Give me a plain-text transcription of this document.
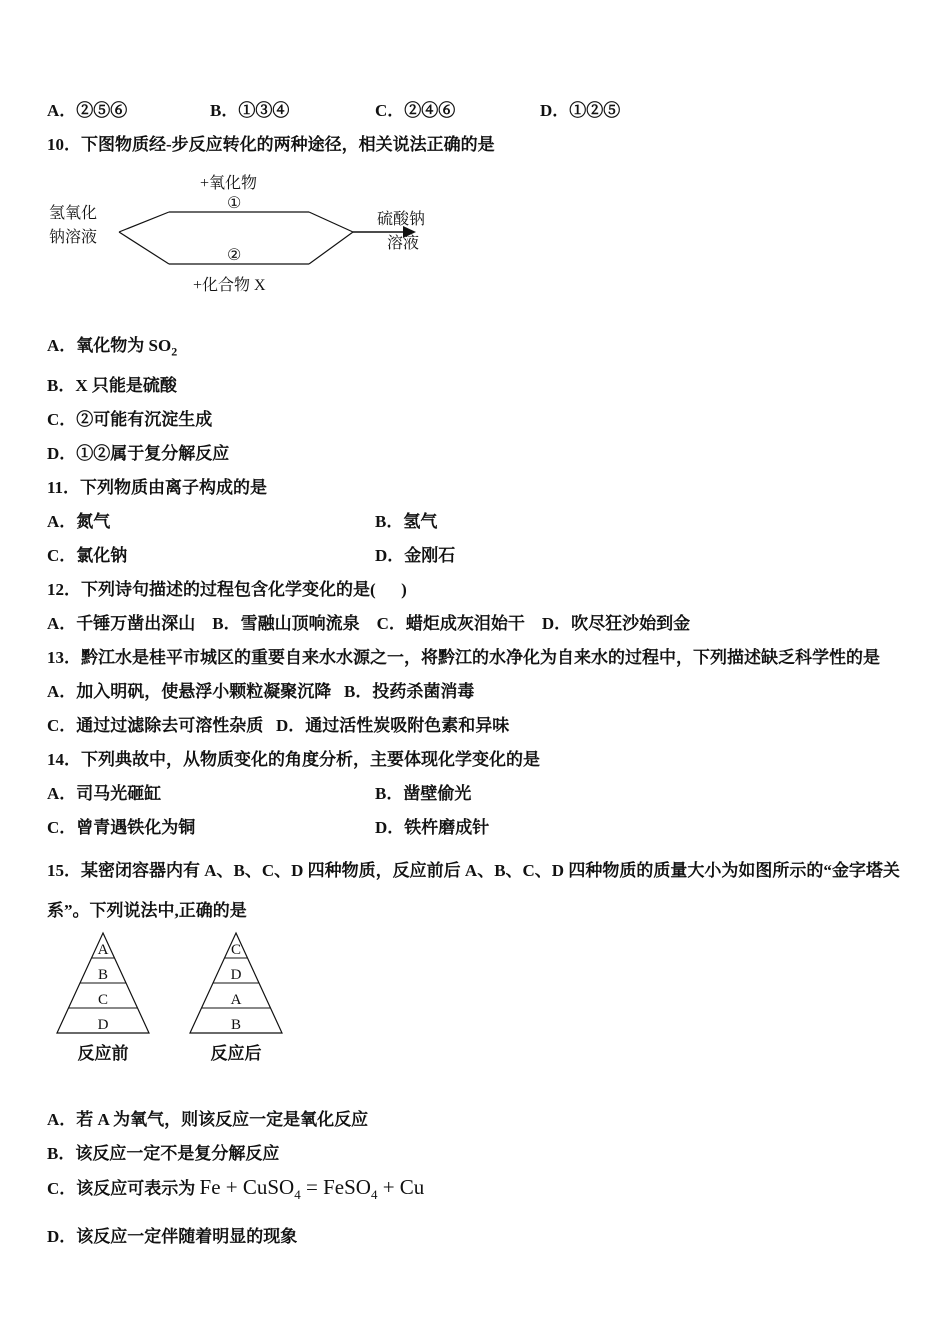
A．②⑤⑥	B．①③④	C．②④⑥	D．①②⑤

10．下图物质经-步反应转化的两种途径，相关说法正确的是

氢氧化
钠溶液
+氧化物
①
②
+化合物 X
硫酸钠
溶液

A．氧化物为 $SO_2$

B．X 只能是硫酸

C．②可能有沉淀生成

D．①②属于复分解反应

11．下列物质由离子构成的是

A．氮气	B．氢气
C．氯化钠	D．金刚石

12．下列诗句描述的过程包含化学变化的是(      )

A．千锤万凿出深山    B．雪融山顶响流泉    C．蜡炬成灰泪始干    D．吹尽狂沙始到金

13．黔江水是桂平市城区的重要自来水水源之一，将黔江的水净化为自来水的过程中，下列描述缺乏科学性的是

A．加入明矾，使悬浮小颗粒凝聚沉降   B．投药杀菌消毒

C．通过过滤除去可溶性杂质   D．通过活性炭吸附色素和异味

14．下列典故中，从物质变化的角度分析，主要体现化学变化的是

A．司马光砸缸	B．凿壁偷光
C．曾青遇铁化为铜	D．铁杵磨成针

15．某密闭容器内有 A、B、C、D 四种物质，反应前后 A、B、C、D 四种物质的质量大小为如图所示的“金字塔关系”。下列说法中,正确的是

A
B
C
D
反应前
C
D
A
B
反应后

A．若 A 为氧气，则该反应一定是氧化反应

B．该反应一定不是复分解反应

C．该反应可表示为 Fe + CuSO$_4$ = FeSO$_4$ + Cu

D．该反应一定伴随着明显的现象
